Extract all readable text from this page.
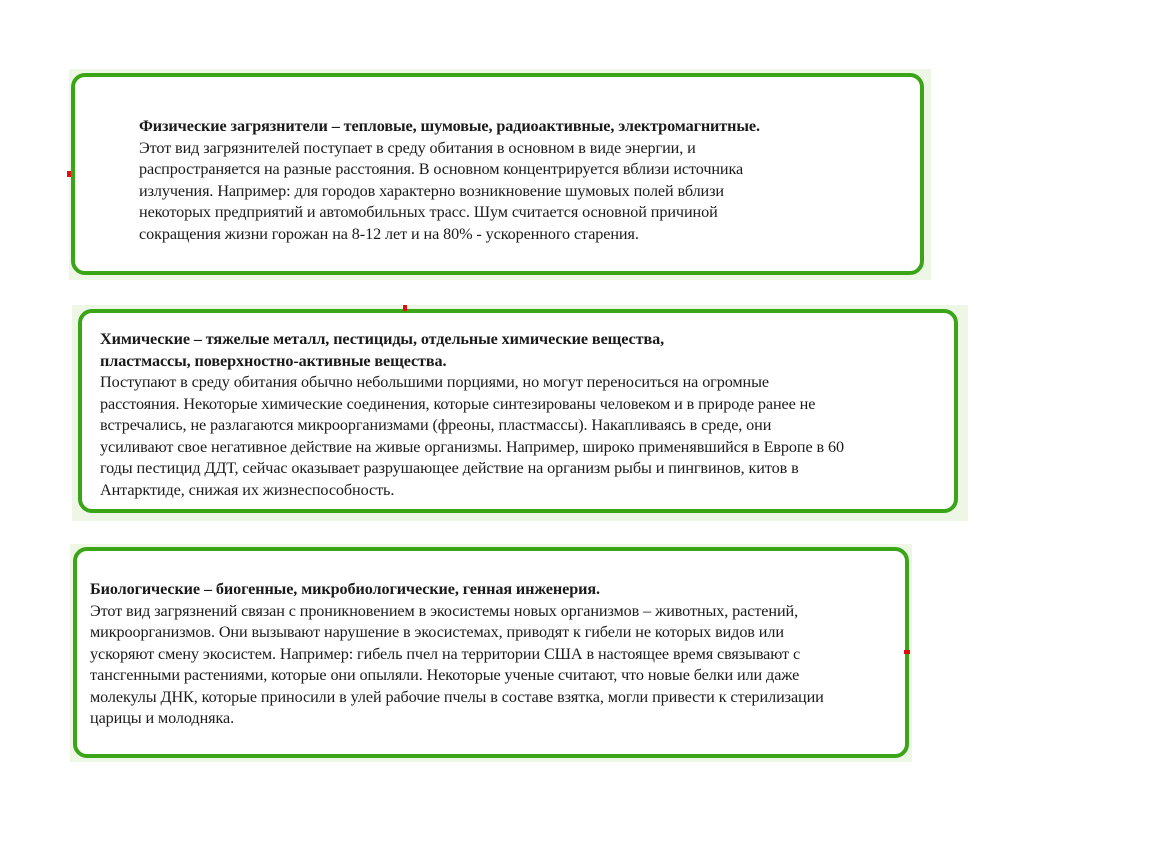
Физические загрязнители – тепловые, шумовые, радиоактивные, электромагнитные.
Этот вид загрязнителей поступает в среду обитания в основном в виде энергии, и
распространяется на разные расстояния. В основном концентрируется вблизи источника
излучения. Например: для городов характерно возникновение шумовых полей вблизи
некоторых предприятий и автомобильных трасс. Шум считается основной причиной
сокращения жизни горожан на 8-12 лет и на 80% - ускоренного старения.
Химические – тяжелые металл, пестициды, отдельные химические вещества,
пластмассы, поверхностно-активные вещества.
Поступают в среду обитания обычно небольшими порциями, но могут переноситься на огромные
расстояния. Некоторые химические соединения, которые синтезированы человеком и в природе ранее не
встречались, не разлагаются микроорганизмами (фреоны, пластмассы). Накапливаясь в среде, они
усиливают свое негативное действие на живые организмы. Например, широко применявшийся в Европе в 60
годы пестицид ДДТ, сейчас оказывает разрушающее действие на организм рыбы и пингвинов, китов в
Антарктиде, снижая их жизнеспособность.
Биологические – биогенные, микробиологические, генная инженерия.
Этот вид загрязнений связан с проникновением в экосистемы новых организмов – животных, растений,
микроорганизмов. Они вызывают нарушение в экосистемах, приводят к гибели не которых видов или
ускоряют смену экосистем. Например: гибель пчел на территории США в настоящее время связывают с
тансгенными растениями, которые они опыляли. Некоторые ученые считают, что новые белки или даже
молекулы ДНК, которые приносили в улей рабочие пчелы в составе взятка, могли привести к стерилизации
царицы и молодняка.
